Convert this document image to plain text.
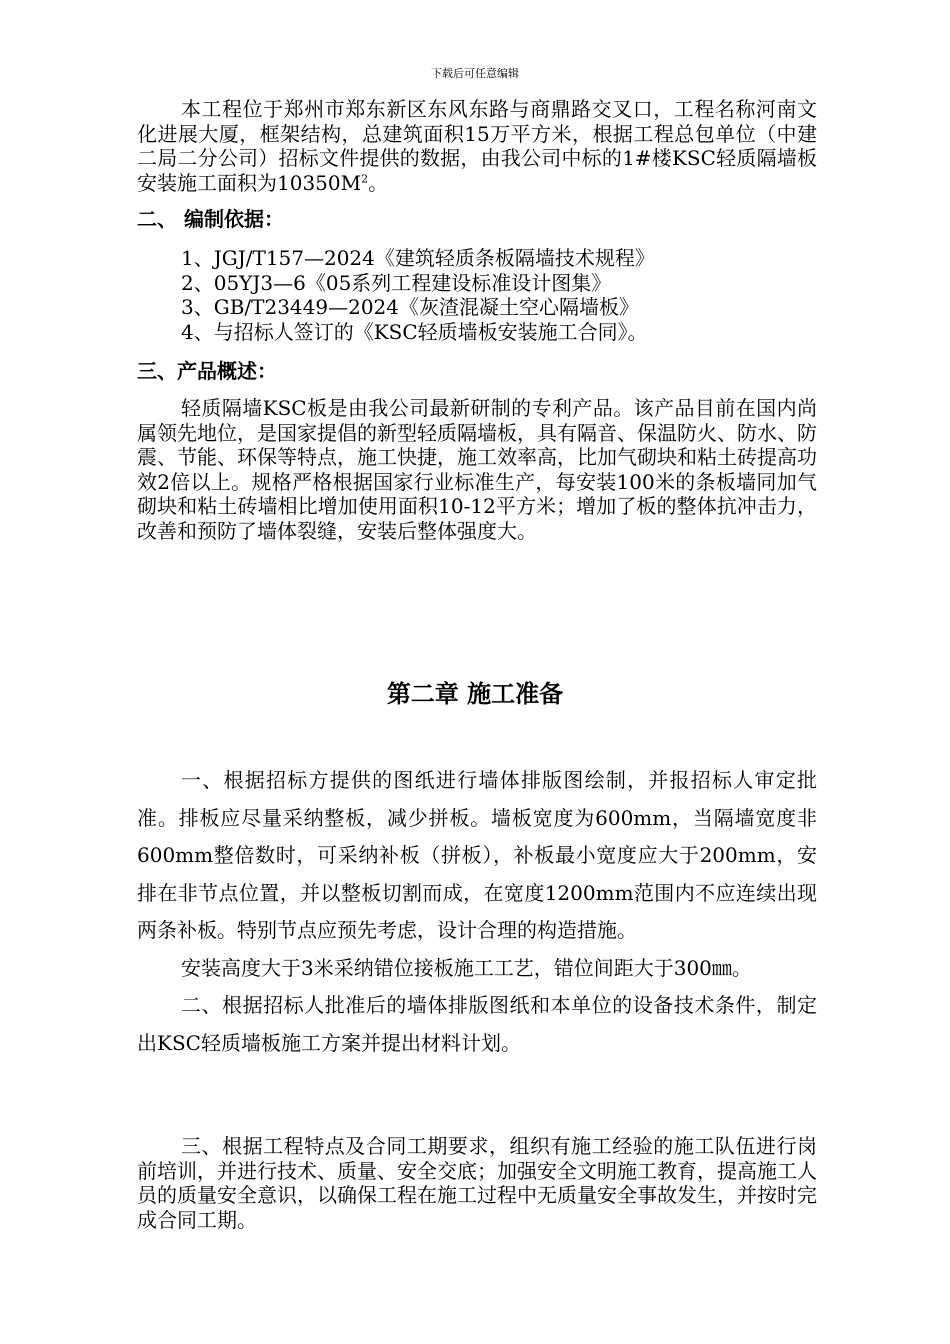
下载后可任意编辑
本工程位于郑州市郑东新区东风东路与商鼎路交叉口，工程名称河南文化进展大厦，框架结构，总建筑面积15万平方米，根据工程总包单位（中建二局二分公司）招标文件提供的数据，由我公司中标的1#楼KSC轻质隔墙板安装施工面积为$10350M^2$。
二、 编制依据：
1、JGJ/T157—2024《建筑轻质条板隔墙技术规程》
2、05YJ3—6《05系列工程建设标准设计图集》
3、GB/T23449—2024《灰渣混凝土空心隔墙板》
4、与招标人签订的《KSC轻质墙板安装施工合同》。
三、产品概述：
轻质隔墙KSC板是由我公司最新研制的专利产品。该产品目前在国内尚属领先地位，是国家提倡的新型轻质隔墙板，具有隔音、保温防火、防水、防震、节能、环保等特点，施工快捷，施工效率高，比加气砌块和粘土砖提高功效2倍以上。规格严格根据国家行业标准生产，每安装100米的条板墙同加气砌块和粘土砖墙相比增加使用面积10-12平方米；增加了板的整体抗冲击力，改善和预防了墙体裂缝，安装后整体强度大。
第二章 施工准备
一、根据招标方提供的图纸进行墙体排版图绘制，并报招标人审定批准。排板应尽量采纳整板，减少拼板。墙板宽度为600mm，当隔墙宽度非600mm整倍数时，可采纳补板（拼板），补板最小宽度应大于200mm，安排在非节点位置，并以整板切割而成，在宽度1200mm范围内不应连续出现两条补板。特别节点应预先考虑，设计合理的构造措施。
安装高度大于3米采纳错位接板施工工艺，错位间距大于300㎜。
二、根据招标人批准后的墙体排版图纸和本单位的设备技术条件，制定出KSC轻质墙板施工方案并提出材料计划。
三、根据工程特点及合同工期要求，组织有施工经验的施工队伍进行岗前培训，并进行技术、质量、安全交底；加强安全文明施工教育，提高施工人员的质量安全意识，以确保工程在施工过程中无质量安全事故发生，并按时完成合同工期。
